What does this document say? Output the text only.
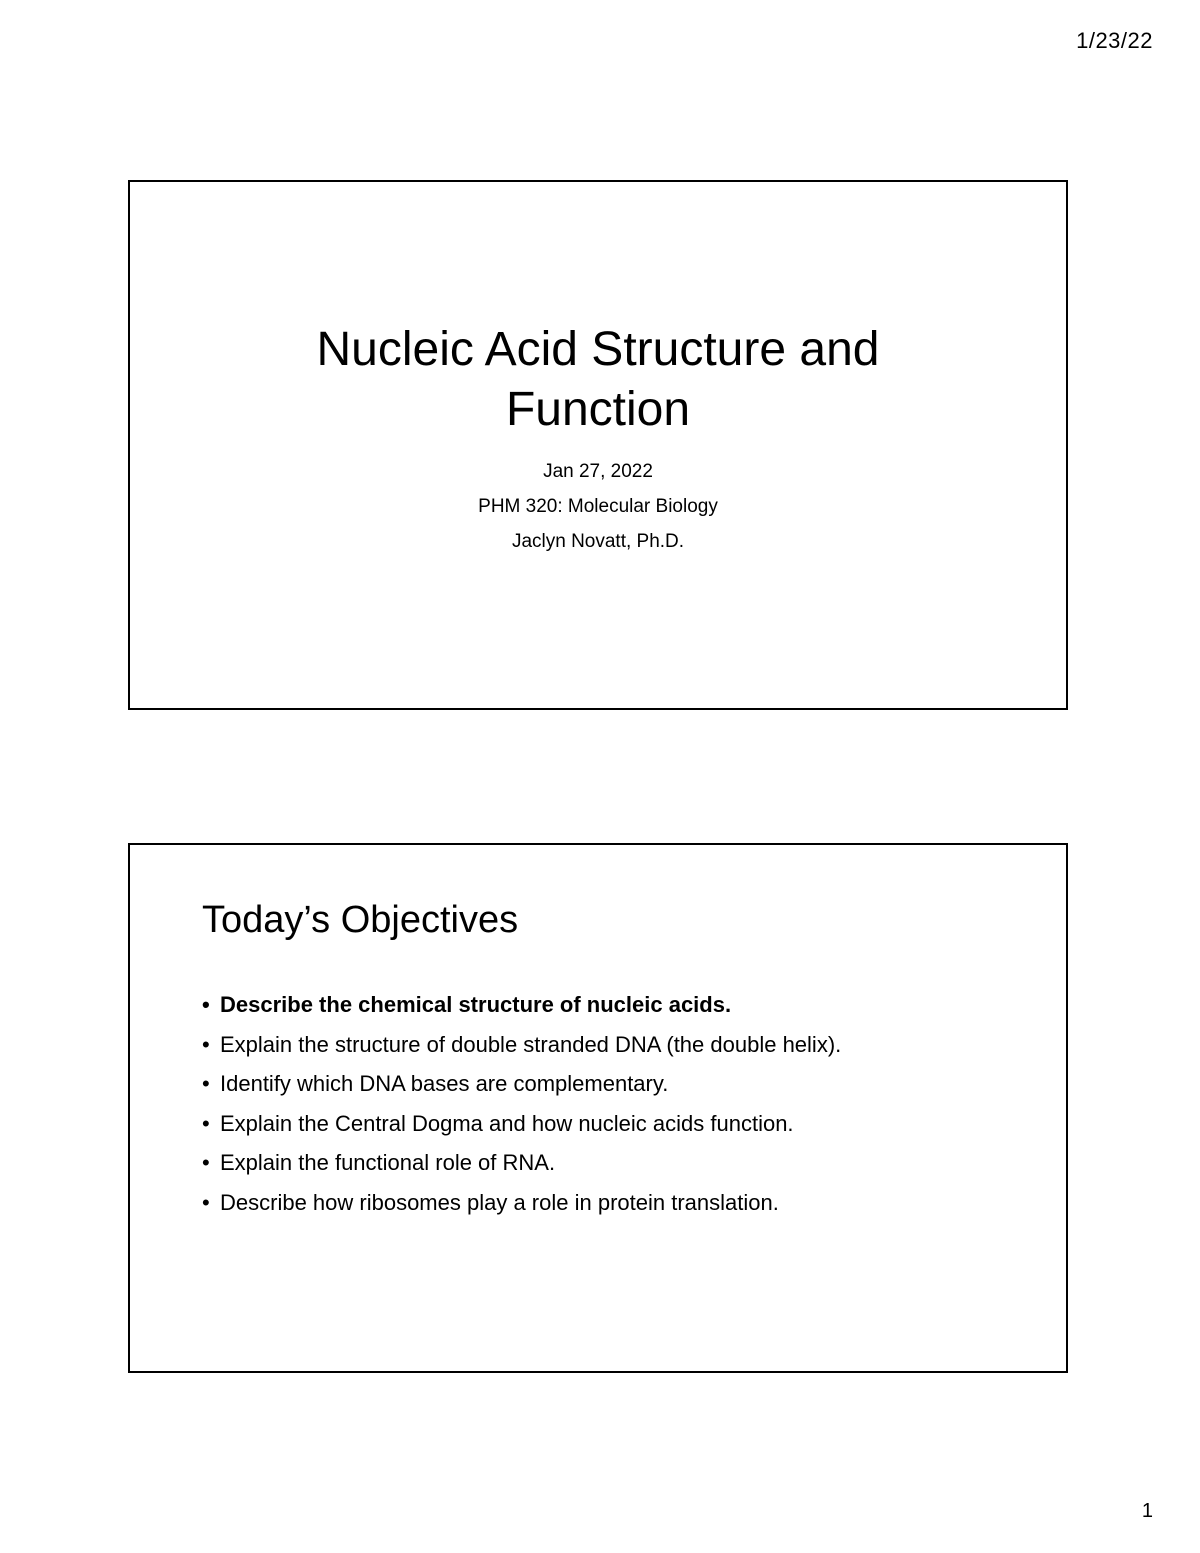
1/23/22
Nucleic Acid Structure and
Function
Jan 27, 2022
PHM 320: Molecular Biology
Jaclyn Novatt, Ph.D.
Today’s Objectives
• Describe the chemical structure of nucleic acids.
• Explain the structure of double stranded DNA (the double helix).
• Identify which DNA bases are complementary.
• Explain the Central Dogma and how nucleic acids function.
• Explain the functional role of RNA.
• Describe how ribosomes play a role in protein translation.
1
